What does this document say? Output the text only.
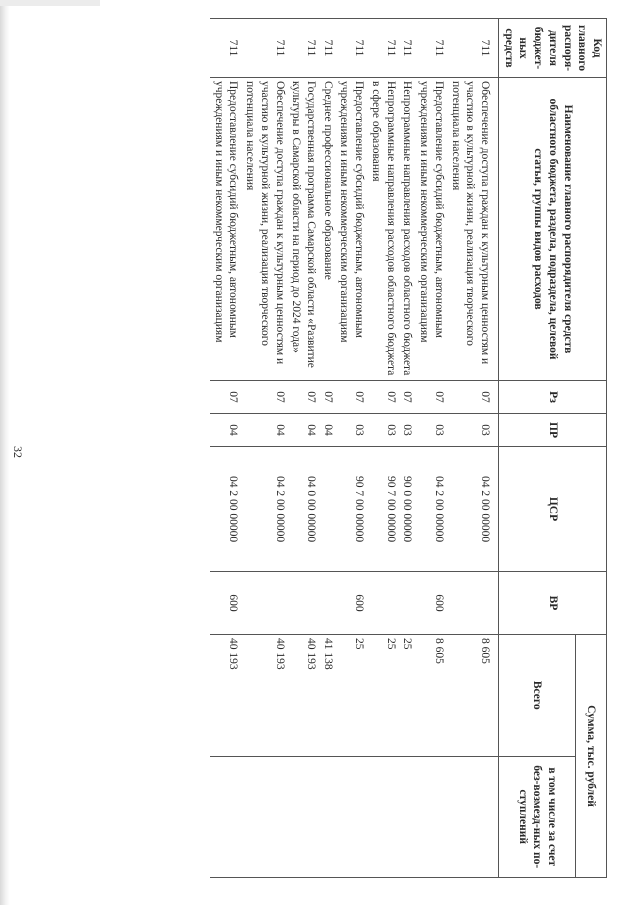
32
Код главного распоря-дителя бюджет-ных средств	Наименование главного распорядителя средств областного бюджета, раздела, подраздела, целевой статьи, группы видов расходов	Рз	ПР	ЦСР	ВР	Сумма, тыс. рублей	
						Всего	в том числе за счет без-возмезд-ных по-ступлений
711	Обеспечение доступа граждан к культурным ценностям и участию в культурной жизни, реализация творческого потенциала населения	07	03	04 2 00 00000		8 605	
711	Предоставление субсидий бюджетным, автономным учреждениям и иным некоммерческим организациям	07	03	04 2 00 00000	600	8 605	
711	Непрограммные направления расходов областного бюджета	07	03	90 0 00 00000		25	
711	Непрограммные направления расходов областного бюджета в сфере образования	07	03	90 7 00 00000		25	
711	Предоставление субсидий бюджетным, автономным учреждениям и иным некоммерческим организациям	07	03	90 7 00 00000	600	25	
711	Среднее профессиональное образование	07	04			41 138	
711	Государственная программа Самарской области «Развитие культуры в Самарской области на период до 2024 года»	07	04	04 0 00 00000		40 193	
711	Обеспечение доступа граждан к культурным ценностям и участию в культурной жизни, реализация творческого потенциала населения	07	04	04 2 00 00000		40 193	
711	Предоставление субсидий бюджетным, автономным учреждениям и иным некоммерческим организациям	07	04	04 2 00 00000	600	40 193	
